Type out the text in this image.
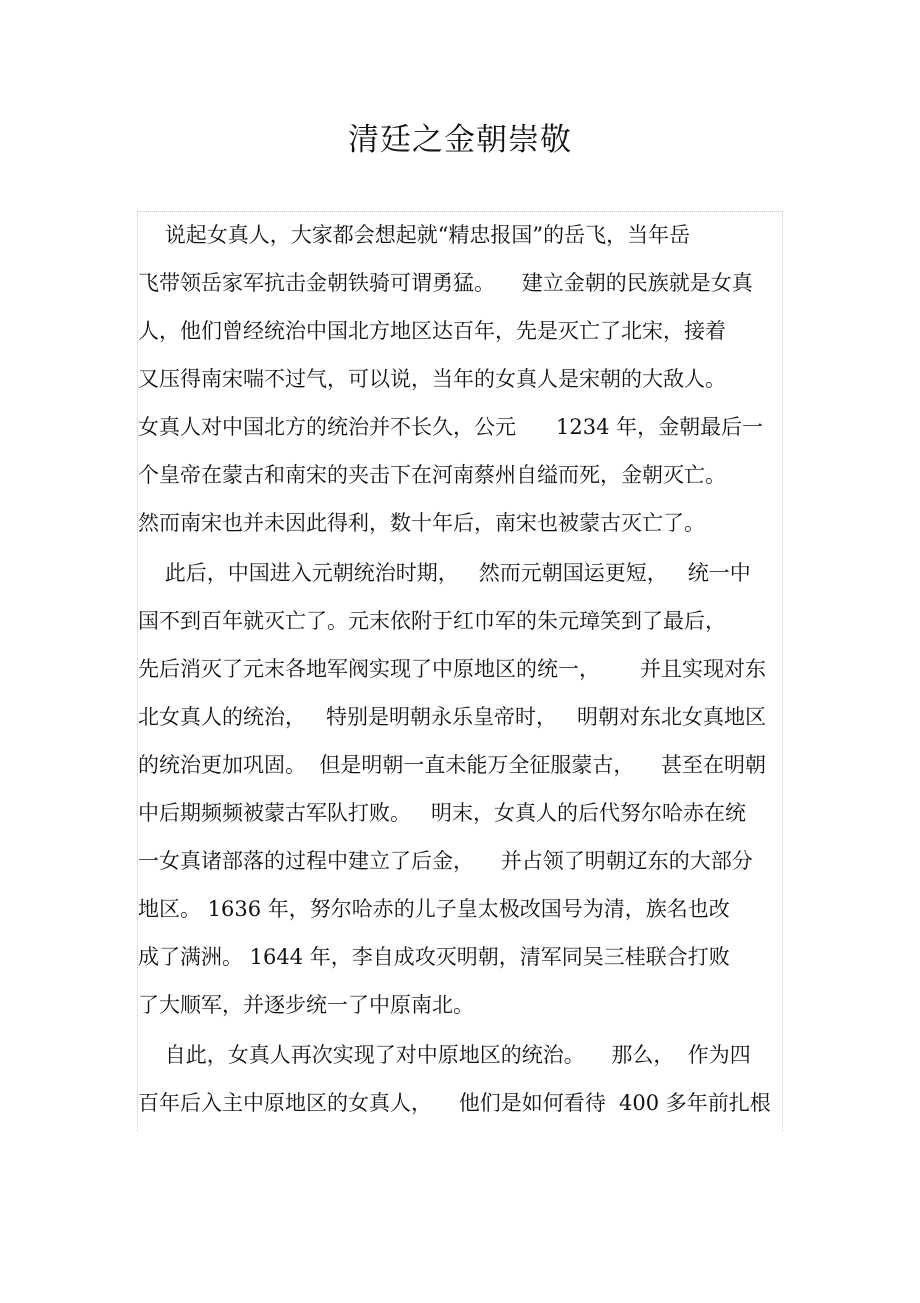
清廷之金朝崇敬
说起女真人，大家都会想起就“精忠报国”的岳飞，当年岳
飞带领岳家军抗击金朝铁骑可谓勇猛。    建立金朝的民族就是女真
人，他们曾经统治中国北方地区达百年，先是灭亡了北宋，接着
又压得南宋喘不过气，可以说，当年的女真人是宋朝的大敌人。
女真人对中国北方的统治并不长久，公元      1234 年，金朝最后一
个皇帝在蒙古和南宋的夹击下在河南蔡州自缢而死，金朝灭亡。
然而南宋也并未因此得利，数十年后，南宋也被蒙古灭亡了。
此后，中国进入元朝统治时期，   然而元朝国运更短，   统一中
国不到百年就灭亡了。元末依附于红巾军的朱元璋笑到了最后，
先后消灭了元末各地军阀实现了中原地区的统一，      并且实现对东
北女真人的统治，   特别是明朝永乐皇帝时，   明朝对东北女真地区
的统治更加巩固。  但是明朝一直未能万全征服蒙古，    甚至在明朝
中后期频频被蒙古军队打败。   明末，女真人的后代努尔哈赤在统
一女真诸部落的过程中建立了后金，    并占领了明朝辽东的大部分
地区。 1636 年，努尔哈赤的儿子皇太极改国号为清，族名也改
成了满洲。 1644 年，李自成攻灭明朝，清军同吴三桂联合打败
了大顺军，并逐步统一了中原南北。
自此，女真人再次实现了对中原地区的统治。    那么，  作为四
百年后入主中原地区的女真人，    他们是如何看待  400 多年前扎根
